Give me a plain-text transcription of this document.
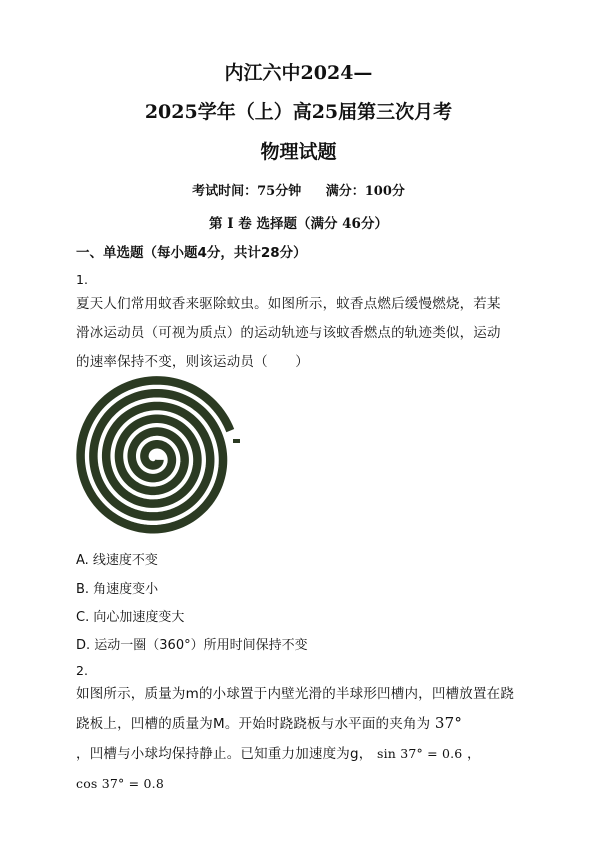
内江六中2024—
2025学年（上）高25届第三次月考
物理试题
考试时间：75分钟 满分：100分
第 I 卷 选择题（满分 46分）
一、单选题（每小题4分，共计28分）
1.
夏天人们常用蚊香来驱除蚊虫。如图所示，蚊香点燃后缓慢燃烧，若某
滑冰运动员（可视为质点）的运动轨迹与该蚊香燃点的轨迹类似，运动
的速率保持不变，则该运动员（　　）
A. 线速度不变
B. 角速度变小
C. 向心加速度变大
D. 运动一圈（360°）所用时间保持不变
2.
如图所示，质量为m的小球置于内壁光滑的半球形凹槽内，凹槽放置在跷
跷板上，凹槽的质量为M。开始时跷跷板与水平面的夹角为 37°
，凹槽与小球均保持静止。已知重力加速度为g， sin 37° = 0.6 ，
cos 37° = 0.8
